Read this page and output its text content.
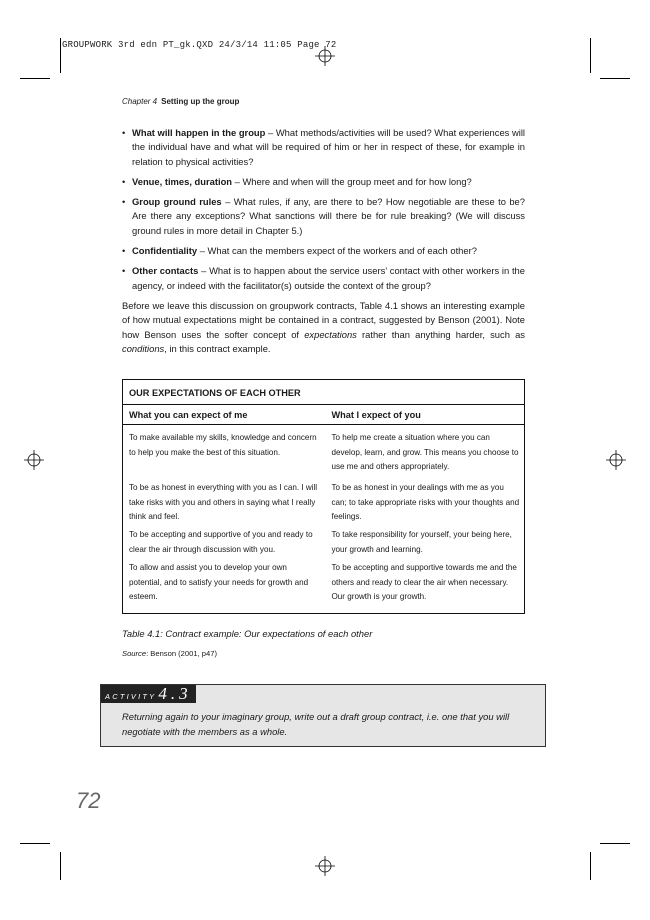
GROUPWORK 3rd edn PT_gk.QXD 24/3/14 11:05 Page 72
Chapter 4 Setting up the group
• What will happen in the group – What methods/activities will be used? What experiences will the individual have and what will be required of him or her in respect of these, for example in relation to physical activities?
• Venue, times, duration – Where and when will the group meet and for how long?
• Group ground rules – What rules, if any, are there to be? How negotiable are these to be? Are there any exceptions? What sanctions will there be for rule breaking? (We will discuss ground rules in more detail in Chapter 5.)
• Confidentiality – What can the members expect of the workers and of each other?
• Other contacts – What is to happen about the service users’ contact with other workers in the agency, or indeed with the facilitator(s) outside the context of the group?

Before we leave this discussion on groupwork contracts, Table 4.1 shows an interesting example of how mutual expectations might be contained in a contract, suggested by Benson (2001). Note how Benson uses the softer concept of expectations rather than anything harder, such as conditions, in this contract example.

OUR EXPECTATIONS OF EACH OTHER
What you can expect of me	What I expect of you
To make available my skills, knowledge and concern to help you make the best of this situation.
To help me create a situation where you can develop, learn, and grow. This means you choose to use me and others appropriately.
To be as honest in everything with you as I can. I will take risks with you and others in saying what I really think and feel.
To be as honest in your dealings with me as you can; to take appropriate risks with your thoughts and feelings.
To be accepting and supportive of you and ready to clear the air through discussion with you.
To take responsibility for yourself, your being here, your growth and learning.
To allow and assist you to develop your own potential, and to satisfy your needs for growth and esteem.
To be accepting and supportive towards me and the others and ready to clear the air when necessary. Our growth is your growth.
Table 4.1: Contract example: Our expectations of each other
Source: Benson (2001, p47)
ACTIVITY 4.3
Returning again to your imaginary group, write out a draft group contract, i.e. one that you will negotiate with the members as a whole.
72
